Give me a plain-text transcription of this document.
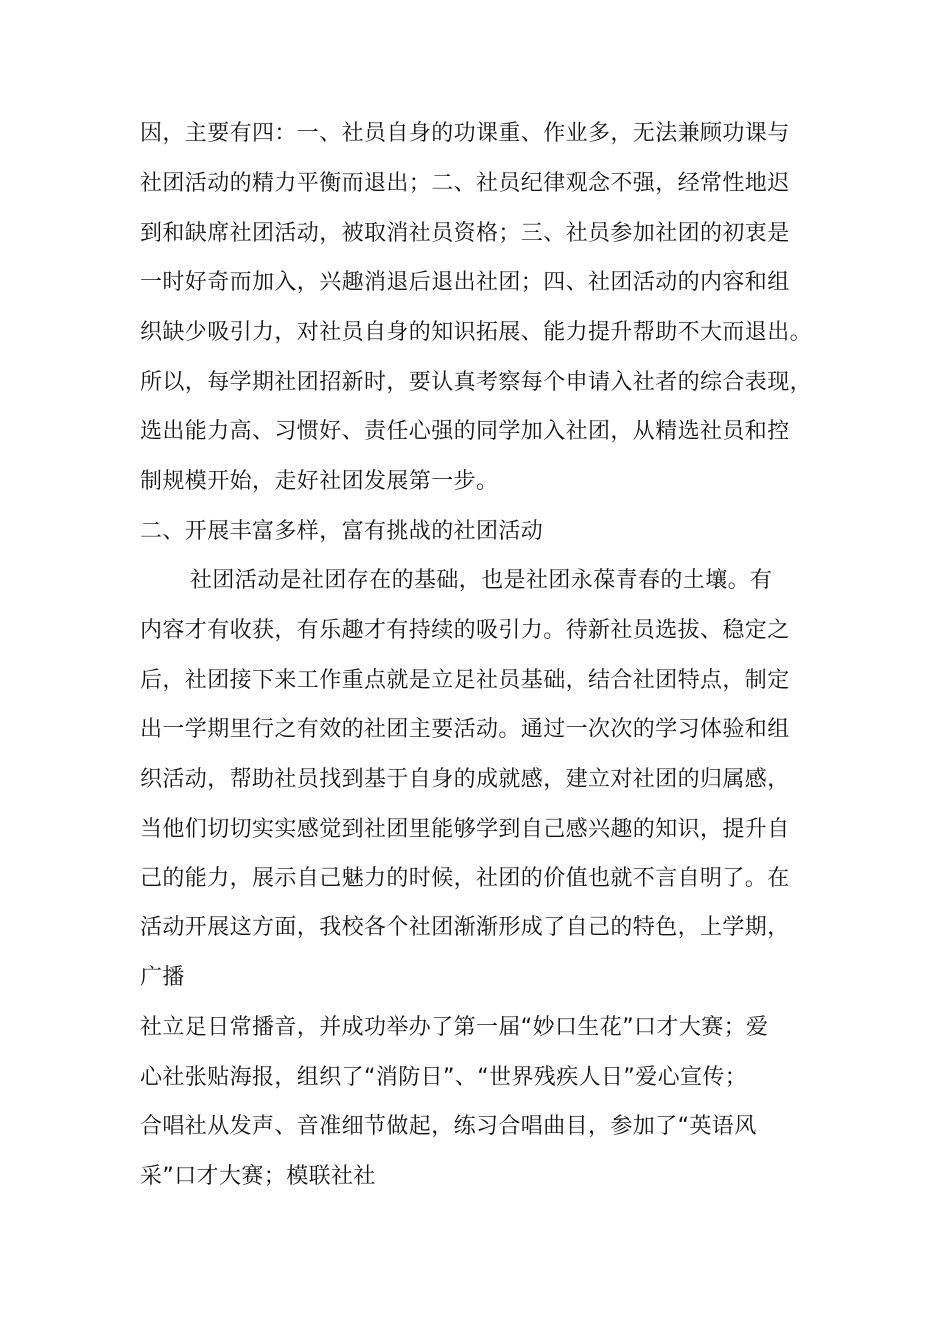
因，主要有四：一、社员自身的功课重、作业多，无法兼顾功课与

社团活动的精力平衡而退出；二、社员纪律观念不强，经常性地迟

到和缺席社团活动，被取消社员资格；三、社员参加社团的初衷是

一时好奇而加入，兴趣消退后退出社团；四、社团活动的内容和组

织缺少吸引力，对社员自身的知识拓展、能力提升帮助不大而退出。

所以，每学期社团招新时，要认真考察每个申请入社者的综合表现，

选出能力高、习惯好、责任心强的同学加入社团，从精选社员和控

制规模开始，走好社团发展第一步。

二、开展丰富多样，富有挑战的社团活动

社团活动是社团存在的基础，也是社团永葆青春的土壤。有

内容才有收获，有乐趣才有持续的吸引力。待新社员选拔、稳定之

后，社团接下来工作重点就是立足社员基础，结合社团特点，制定

出一学期里行之有效的社团主要活动。通过一次次的学习体验和组

织活动，帮助社员找到基于自身的成就感，建立对社团的归属感，

当他们切切实实感觉到社团里能够学到自己感兴趣的知识，提升自

己的能力，展示自己魅力的时候，社团的价值也就不言自明了。在

活动开展这方面，我校各个社团渐渐形成了自己的特色，上学期，

广播

社立足日常播音，并成功举办了第一届“妙口生花”口才大赛；爱

心社张贴海报，组织了“消防日”、“世界残疾人日”爱心宣传；

合唱社从发声、音准细节做起，练习合唱曲目，参加了“英语风

采”口才大赛；模联社社
